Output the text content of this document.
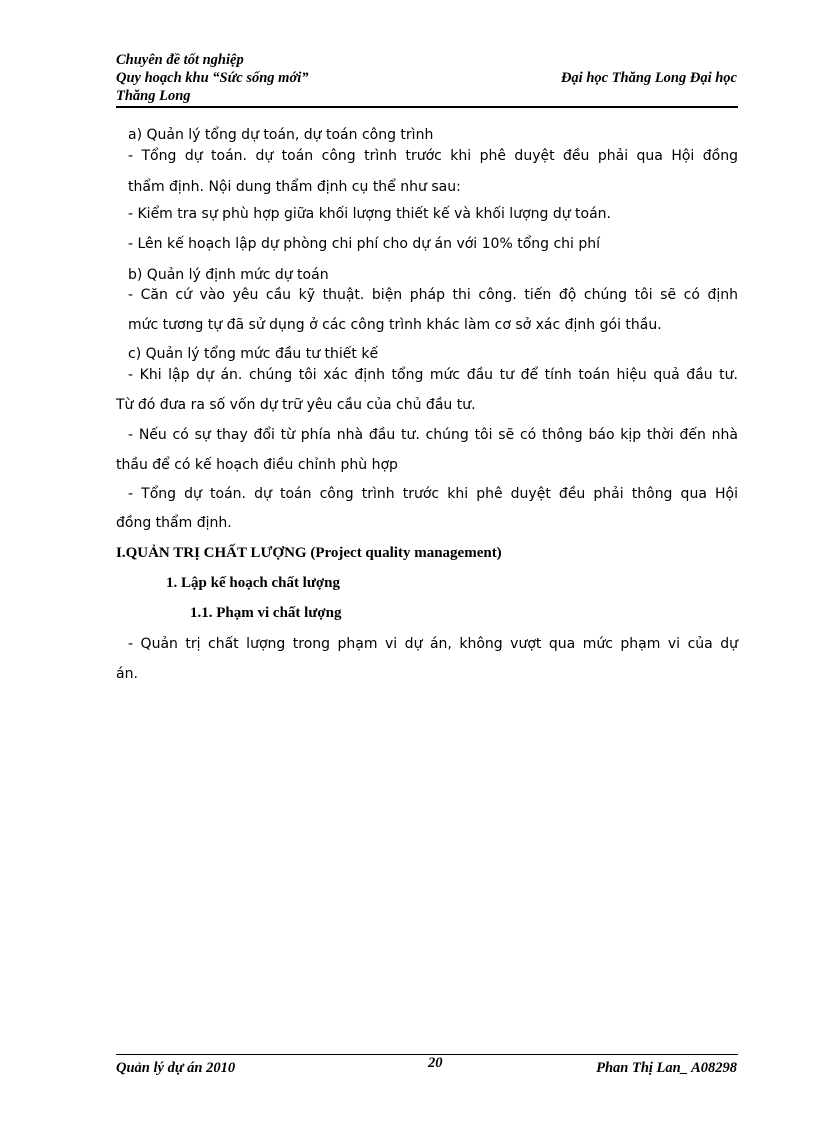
Chuyên đề tốt nghiệp
Quy hoạch khu “Sức sống mới”
Thăng Long
Đại học Thăng Long Đại học
a) Quản lý tổng dự toán, dự toán công trình
- Tổng dự toán. dự toán công trình trước khi phê duyệt đều phải qua Hội đồng
thẩm định. Nội dung thẩm định cụ thể như sau:
- Kiểm tra sự phù hợp giữa khối lượng thiết kế và khối lượng dự toán.
- Lên kế hoạch lập dự phòng chi phí cho dự án với 10% tổng chi phí
b) Quản lý định mức dự toán
- Căn cứ vào yêu cầu kỹ thuật. biện pháp thi công. tiến độ chúng tôi sẽ có định
mức tương tự đã sử dụng ở các công trình khác làm cơ sở xác định gói thầu.
c) Quản lý tổng mức đầu tư thiết kế
- Khi lập dự án. chúng tôi xác định tổng mức đầu tư để tính toán hiệu quả đầu tư.
Từ đó đưa ra số vốn dự trữ yêu cầu của chủ đầu tư.
- Nếu có sự thay đổi từ phía nhà đầu tư. chúng tôi sẽ có thông báo kịp thời đến nhà
thầu để có kế hoạch điều chỉnh phù hợp
- Tổng dự toán. dự toán công trình trước khi phê duyệt đều phải thông qua Hội
đồng thẩm định.
I.QUẢN TRỊ CHẤT LƯỢNG (Project quality management)
1. Lập kế hoạch chất lượng
1.1. Phạm vi chất lượng
- Quản trị chất lượng trong phạm vi dự án, không vượt qua mức phạm vi của dự
án.
Quản lý dự án 2010	20	Phan Thị Lan_ A08298
